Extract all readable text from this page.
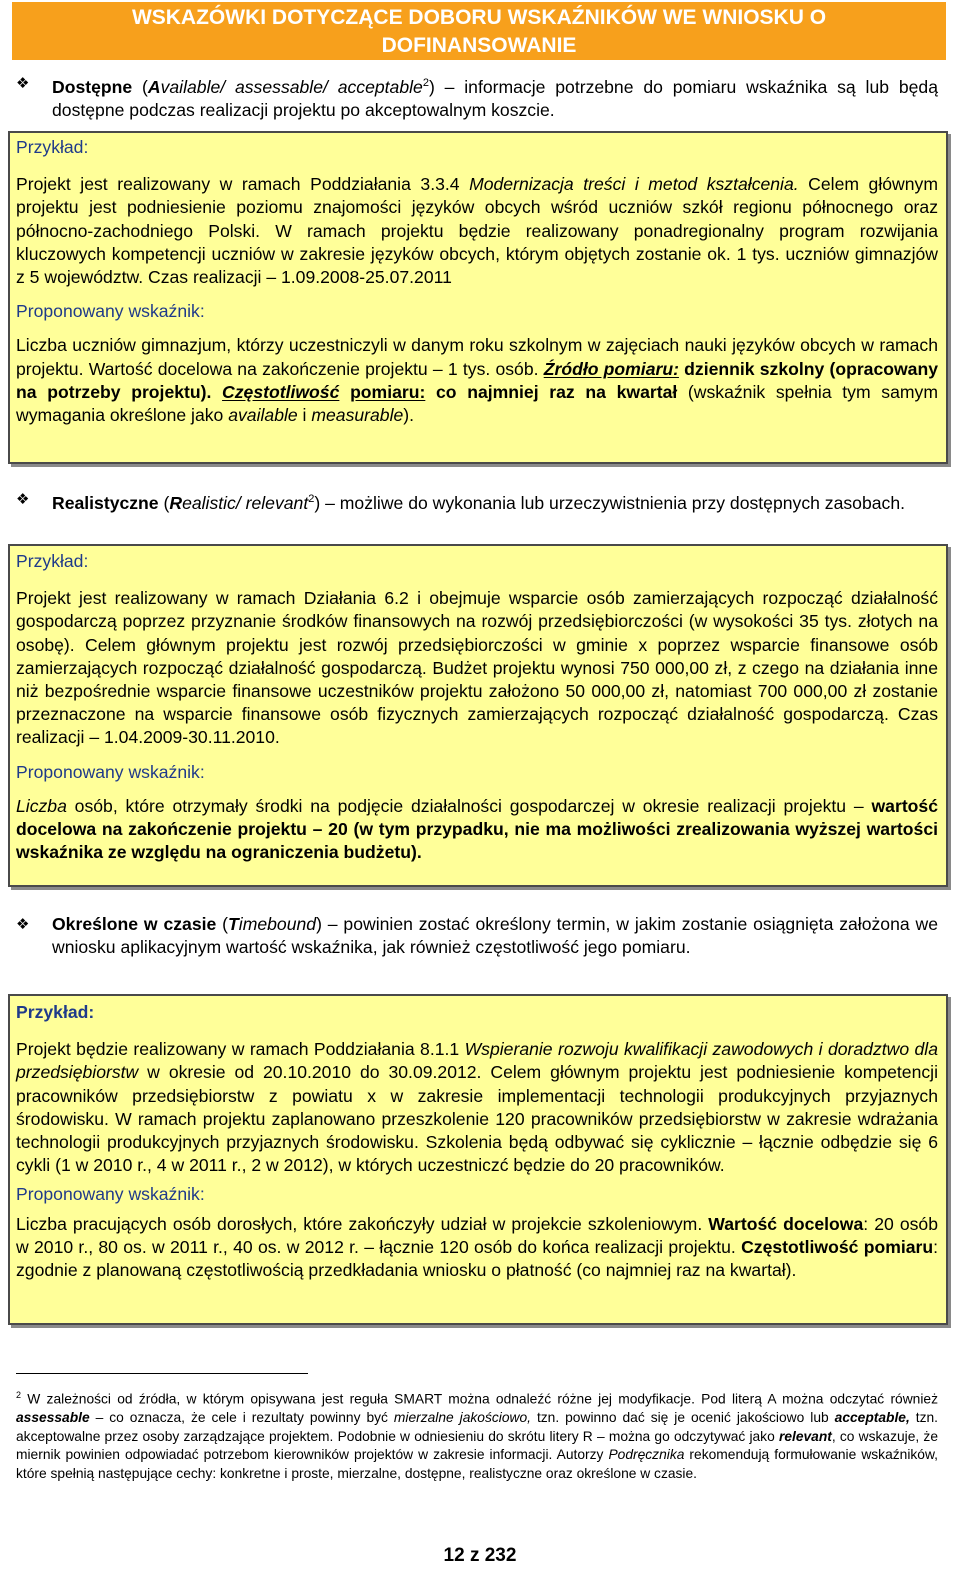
WSKAZÓWKI DOTYCZĄCE DOBORU WSKAŹNIKÓW WE WNIOSKU O
DOFINANSOWANIE
❖ Dostępne (Available/ assessable/ acceptable$^2$) – informacje potrzebne do pomiaru wskaźnika są lub będą dostępne podczas realizacji projektu po akceptowalnym koszcie.

Przykład:

Projekt jest realizowany w ramach Poddziałania 3.3.4 Modernizacja treści i metod kształcenia. Celem głównym projektu jest podniesienie poziomu znajomości języków obcych wśród uczniów szkół regionu północnego oraz północno-zachodniego Polski. W ramach projektu będzie realizowany ponadregionalny program rozwijania kluczowych kompetencji uczniów w zakresie języków obcych, którym objętych zostanie ok. 1 tys. uczniów gimnazjów z 5 województw. Czas realizacji – 1.09.2008-25.07.2011

Proponowany wskaźnik:

Liczba uczniów gimnazjum, którzy uczestniczyli w danym roku szkolnym w zajęciach nauki języków obcych w ramach projektu. Wartość docelowa na zakończenie projektu – 1 tys. osób. Źródło pomiaru: dziennik szkolny (opracowany na potrzeby projektu). Częstotliwość pomiaru: co najmniej raz na kwartał (wskaźnik spełnia tym samym wymagania określone jako available i measurable).

❖ Realistyczne (Realistic/ relevant$^2$) – możliwe do wykonania lub urzeczywistnienia przy dostępnych zasobach.

Przykład:

Projekt jest realizowany w ramach Działania 6.2 i obejmuje wsparcie osób zamierzających rozpocząć działalność gospodarczą poprzez przyznanie środków finansowych na rozwój przedsiębiorczości (w wysokości 35 tys. złotych na osobę). Celem głównym projektu jest rozwój przedsiębiorczości w gminie x poprzez wsparcie finansowe osób zamierzających rozpocząć działalność gospodarczą. Budżet projektu wynosi 750 000,00 zł, z czego na działania inne niż bezpośrednie wsparcie finansowe uczestników projektu założono 50 000,00 zł, natomiast 700 000,00 zł zostanie przeznaczone na wsparcie finansowe osób fizycznych zamierzających rozpocząć działalność gospodarczą. Czas realizacji – 1.04.2009-30.11.2010.

Proponowany wskaźnik:

Liczba osób, które otrzymały środki na podjęcie działalności gospodarczej w okresie realizacji projektu – wartość docelowa na zakończenie projektu – 20 (w tym przypadku, nie ma możliwości zrealizowania wyższej wartości wskaźnika ze względu na ograniczenia budżetu).

❖ Określone w czasie (Timebound) – powinien zostać określony termin, w jakim zostanie osiągnięta założona we wniosku aplikacyjnym wartość wskaźnika, jak również częstotliwość jego pomiaru.

Przykład:

Projekt będzie realizowany w ramach Poddziałania 8.1.1 Wspieranie rozwoju kwalifikacji zawodowych i doradztwo dla przedsiębiorstw w okresie od 20.10.2010 do 30.09.2012. Celem głównym projektu jest podniesienie kompetencji pracowników przedsiębiorstw z powiatu x w zakresie implementacji technologii produkcyjnych przyjaznych środowisku. W ramach projektu zaplanowano przeszkolenie 120 pracowników przedsiębiorstw w zakresie wdrażania technologii produkcyjnych przyjaznych środowisku. Szkolenia będą odbywać się cyklicznie – łącznie odbędzie się 6 cykli (1 w 2010 r., 4 w 2011 r., 2 w 2012), w których uczestniczć będzie do 20 pracowników.

Proponowany wskaźnik:

Liczba pracujących osób dorosłych, które zakończyły udział w projekcie szkoleniowym. Wartość docelowa: 20 osób w 2010 r., 80 os. w 2011 r., 40 os. w 2012 r. – łącznie 120 osób do końca realizacji projektu. Częstotliwość pomiaru: zgodnie z planowaną częstotliwością przedkładania wniosku o płatność (co najmniej raz na kwartał).

$^2$ W zależności od źródła, w którym opisywana jest reguła SMART można odnaleźć różne jej modyfikacje. Pod literą A można odczytać również assessable – co oznacza, że cele i rezultaty powinny być mierzalne jakościowo, tzn. powinno dać się je ocenić jakościowo lub acceptable, tzn. akceptowalne przez osoby zarządzające projektem. Podobnie w odniesieniu do skrótu litery R – można go odczytywać jako relevant, co wskazuje, że miernik powinien odpowiadać potrzebom kierowników projektów w zakresie informacji. Autorzy Podręcznika rekomendują formułowanie wskaźników, które spełnią następujące cechy: konkretne i proste, mierzalne, dostępne, realistyczne oraz określone w czasie.
12 z 232
